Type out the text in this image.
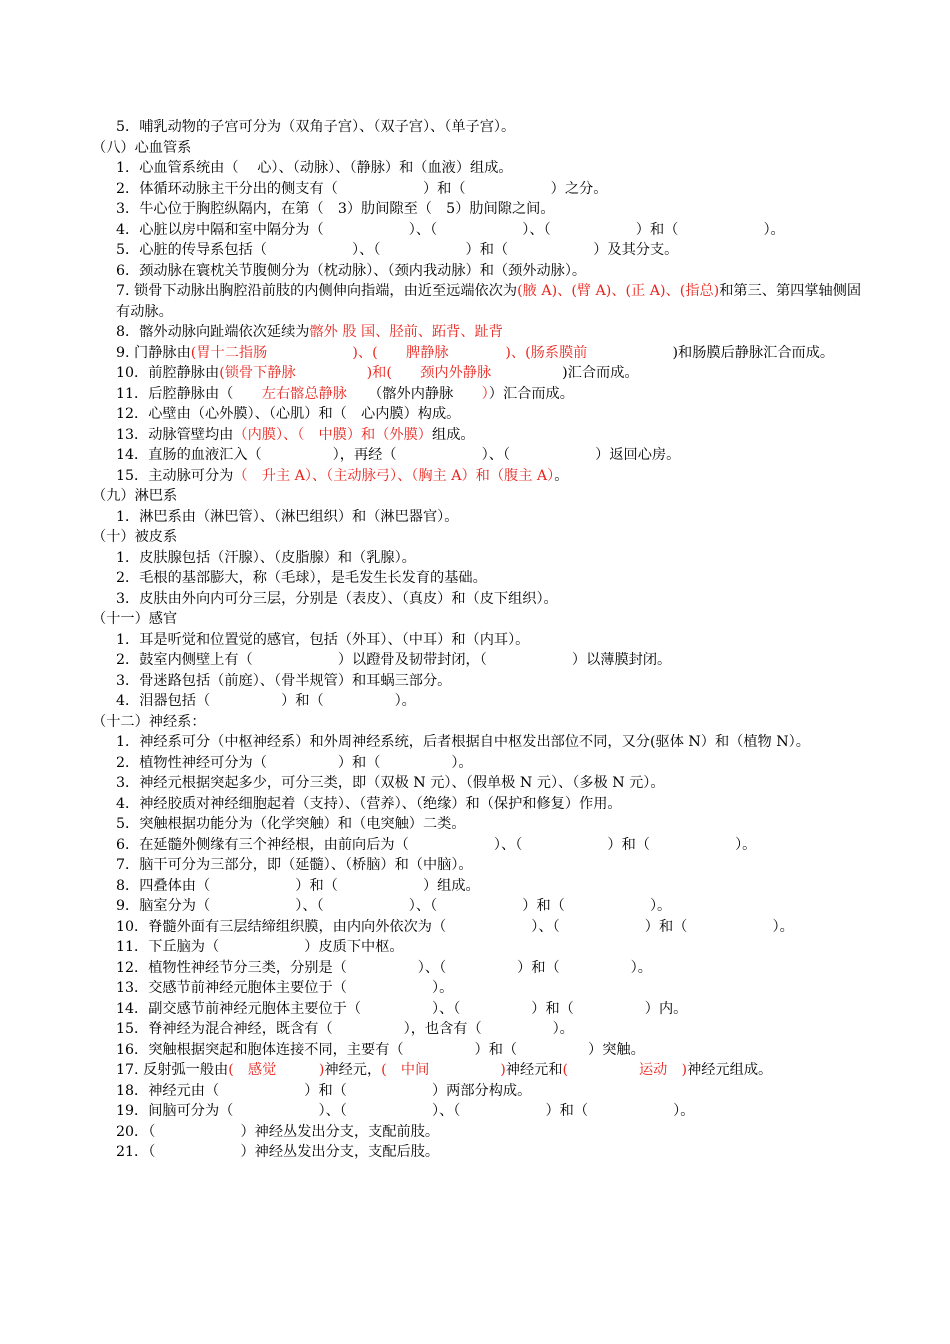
5．哺乳动物的子宫可分为（双角子宫）、（双子宫）、（单子宫）。
（八）心血管系
1．心血管系统由（　 心）、（动脉）、（静脉）和（血液）组成。
2．体循环动脉主干分出的侧支有（　　　　　　）和（　　　　　　）之分。
3．牛心位于胸腔纵隔内，在第（　3）肋间隙至（　5）肋间隙之间。
4．心脏以房中隔和室中隔分为（　　　　　　）、（　　　　　　）、（　　　　　　）和（　　　　　　）。
5．心脏的传导系包括（　　　　　　）、（　　　　　　）和（　　　　　　）及其分支。
6．颈动脉在寰枕关节腹侧分为（枕动脉）、（颈内我动脉）和（颈外动脉）。
7. 锁骨下动脉出胸腔沿前肢的内侧伸向指端，由近至远端依次为(腋 A)、(臂 A)、(正 A)、(指总)和第三、第四掌轴侧固有动脉。
8．髂外动脉向趾端依次延续为髂外 股 国、胫前、跖背、趾背
9. 门静脉由(胃十二指肠　　　　　　)、(　　脾静脉　　　　)、(肠系膜前　　　　　　)和肠膜后静脉汇合而成。
10．前腔静脉由(锁骨下静脉　　　　　)和(　　颈内外静脉　　　　　)汇合而成。
11．后腔静脉由（　　左右髂总静脉　　（髂外内静脉　　））汇合而成。
12．心壁由（心外膜）、（心肌）和（　心内膜）构成。
13．动脉管壁均由（内膜）、（　中膜）和（外膜）组成。
14．直肠的血液汇入（　　　　　），再经（　　　　　　）、（　　　　　　）返回心房。
15．主动脉可分为（　升主 A）、（主动脉弓）、（胸主 A）和（腹主 A）。
（九）淋巴系
1．淋巴系由（淋巴管）、（淋巴组织）和（淋巴器官）。
（十）被皮系
1．皮肤腺包括（汗腺）、（皮脂腺）和（乳腺）。
2．毛根的基部膨大，称（毛球），是毛发生长发育的基础。
3．皮肤由外向内可分三层，分别是（表皮）、（真皮）和（皮下组织）。
（十一）感官
1．耳是听觉和位置觉的感官，包括（外耳）、（中耳）和（内耳）。
2．鼓室内侧壁上有（　　　　　　）以蹬骨及韧带封闭，（　　　　　　）以薄膜封闭。
3．骨迷路包括（前庭）、（骨半规管）和耳蜗三部分。
4．泪器包括（　　　　　）和（　　　　　）。
（十二）神经系：
1．神经系可分（中枢神经系）和外周神经系统，后者根据自中枢发出部位不同，又分(驱体 N）和（植物 N）。
2．植物性神经可分为（　　　　　）和（　　　　　）。
3．神经元根据突起多少，可分三类，即（双极 N 元）、（假单极 N 元）、（多极 N 元）。
4．神经胶质对神经细胞起着（支持）、（营养）、（绝缘）和（保护和修复）作用。
5．突触根据功能分为（化学突触）和（电突触）二类。
6．在延髓外侧缘有三个神经根，由前向后为（　　　　　　）、（　　　　　　）和（　　　　　　）。
7．脑干可分为三部分，即（延髓）、（桥脑）和（中脑）。
8．四叠体由（　　　　　　）和（　　　　　　）组成。
9．脑室分为（　　　　　　）、（　　　　　　）、（　　　　　　）和（　　　　　　）。
10．脊髓外面有三层结缔组织膜，由内向外依次为（　　　　　　）、（　　　　　　）和（　　　　　　）。
11．下丘脑为（　　　　　　）皮质下中枢。
12．植物性神经节分三类，分别是（　　　　　）、（　　　　　）和（　　　　　）。
13．交感节前神经元胞体主要位于（　　　　　　）。
14．副交感节前神经元胞体主要位于（　　　　　）、（　　　　　）和（　　　　　）内。
15．脊神经为混合神经，既含有（　　　　　），也含有（　　　　　）。
16．突触根据突起和胞体连接不同，主要有（　　　　　）和（　　　　　）突触。
17. 反射弧一般由(　感觉　　　)神经元，(　中间　　　　　)神经元和(　　　　　运动　)神经元组成。
18．神经元由（　　　　　　）和（　　　　　　）两部分构成。
19．间脑可分为（　　　　　　）、（　　　　　　）、（　　　　　　）和（　　　　　　）。
20．（　　　　　　）神经丛发出分支，支配前肢。
21．（　　　　　　）神经丛发出分支，支配后肢。
